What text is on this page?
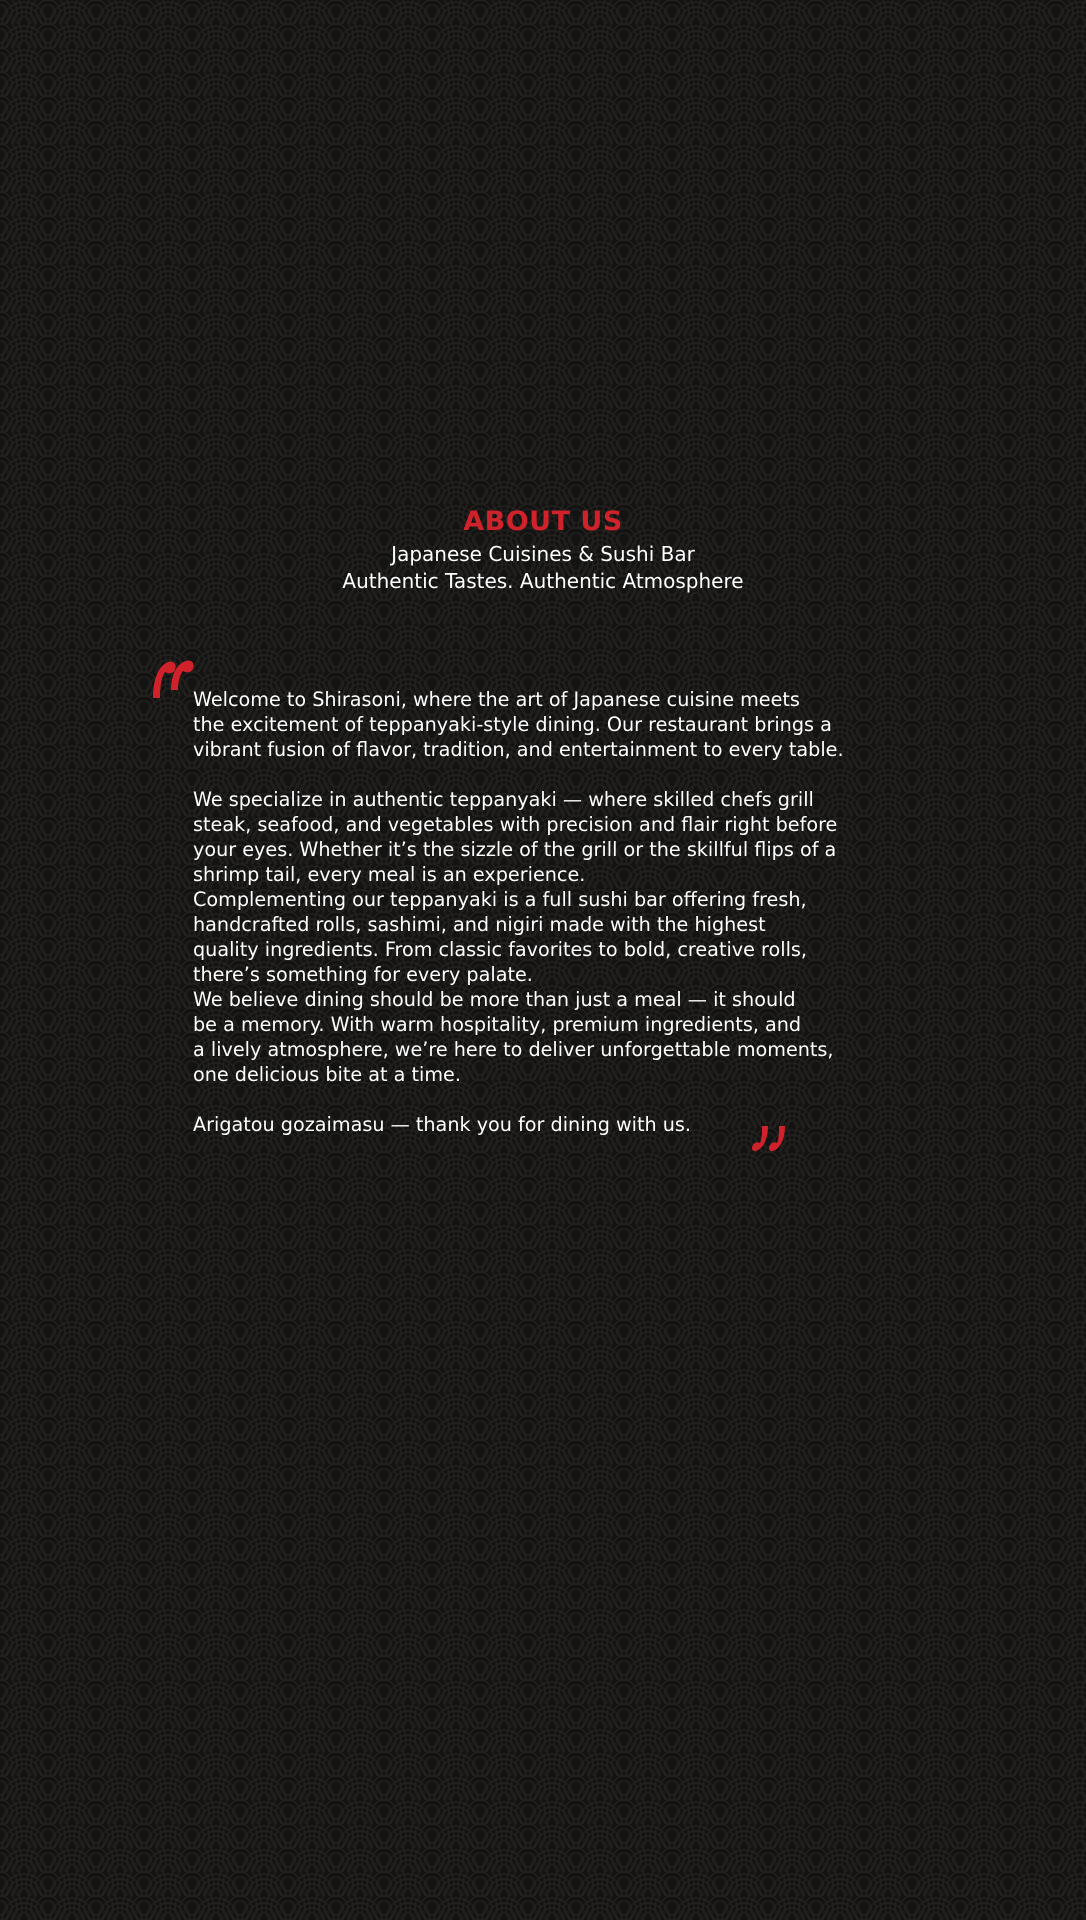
ABOUT US

Japanese Cuisines & Sushi Bar

Authentic Tastes. Authentic Atmosphere

Welcome to Shirasoni, where the art of Japanese cuisine meets
the excitement of teppanyaki-style dining. Our restaurant brings a
vibrant fusion of flavor, tradition, and entertainment to every table.

We specialize in authentic teppanyaki — where skilled chefs grill
steak, seafood, and vegetables with precision and flair right before
your eyes. Whether it’s the sizzle of the grill or the skillful flips of a
shrimp tail, every meal is an experience.

Complementing our teppanyaki is a full sushi bar offering fresh,
handcrafted rolls, sashimi, and nigiri made with the highest
quality ingredients. From classic favorites to bold, creative rolls,
there’s something for every palate.

We believe dining should be more than just a meal — it should
be a memory. With warm hospitality, premium ingredients, and
a lively atmosphere, we’re here to deliver unforgettable moments,
one delicious bite at a time.

Arigatou gozaimasu — thank you for dining with us.
